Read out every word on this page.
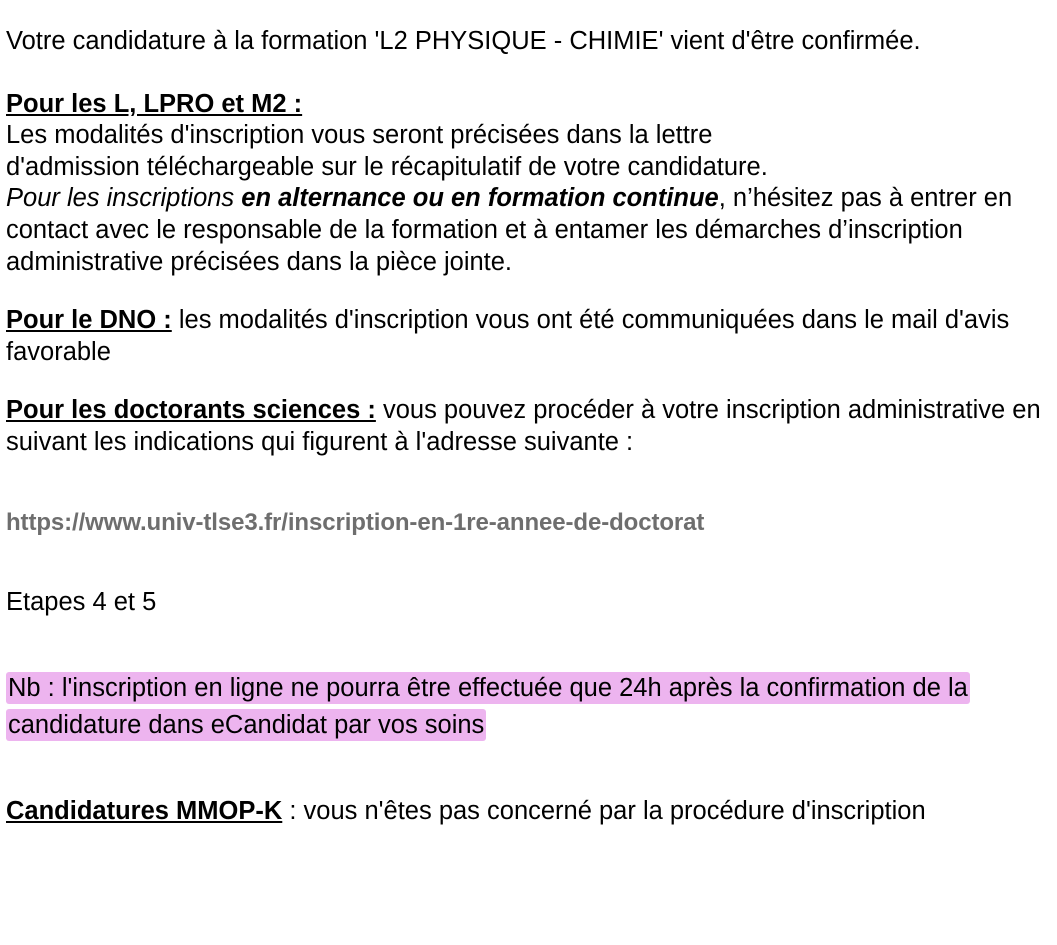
Votre candidature à la formation 'L2 PHYSIQUE - CHIMIE' vient d'être confirmée.

Pour les L, LPRO et M2 :
Les modalités d'inscription vous seront précisées dans la lettre
d'admission téléchargeable sur le récapitulatif de votre candidature.
Pour les inscriptions en alternance ou en formation continue, n’hésitez pas à entrer en contact avec le responsable de la formation et à entamer les démarches d’inscription administrative précisées dans la pièce jointe.

Pour le DNO : les modalités d'inscription vous ont été communiquées dans le mail d'avis favorable

Pour les doctorants sciences : vous pouvez procéder à votre inscription administrative en suivant les indications qui figurent à l'adresse suivante :

https://www.univ-tlse3.fr/inscription-en-1re-annee-de-doctorat

Etapes 4 et 5

Nb : l'inscription en ligne ne pourra être effectuée que 24h après la confirmation de la candidature dans eCandidat par vos soins

Candidatures MMOP-K : vous n'êtes pas concerné par la procédure d'inscription
